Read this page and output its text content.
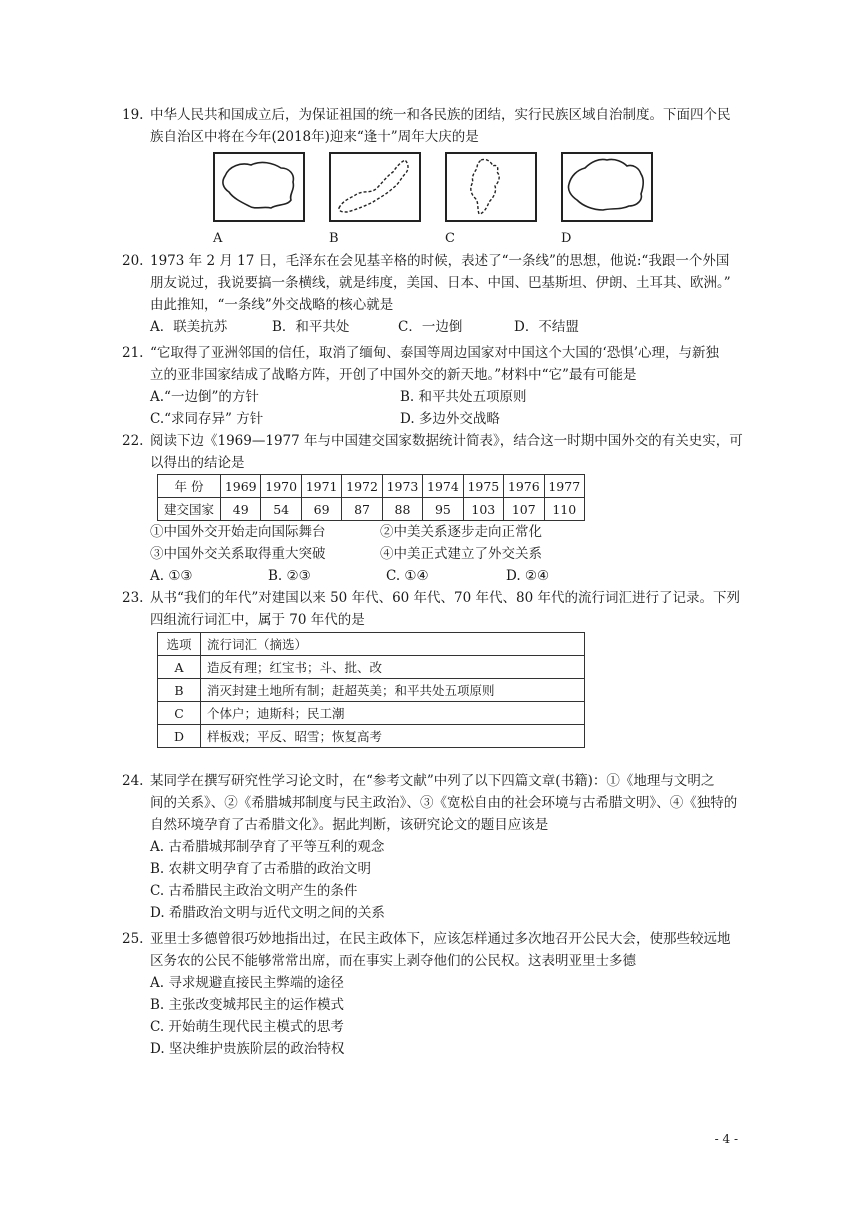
19. 中华人民共和国成立后，为保证祖国的统一和各民族的团结，实行民族区域自治制度。下面四个民
族自治区中将在今年(2018年)迎来“逢十”周年大庆的是
A	B	C	D
20. 1973 年 2 月 17 日，毛泽东在会见基辛格的时候，表述了“一条线”的思想，他说:“我跟一个外国
朋友说过，我说要搞一条横线，就是纬度，美国、日本、中国、巴基斯坦、伊朗、土耳其、欧洲。”
由此推知，“一条线”外交战略的核心就是
A．联美抗苏	B．和平共处	C．一边倒	D．不结盟
21. “它取得了亚洲邻国的信任，取消了缅甸、泰国等周边国家对中国这个大国的‘恐惧’心理，与新独
立的亚非国家结成了战略方阵，开创了中国外交的新天地。”材料中“它”最有可能是
A.“一边倒”的方针	B. 和平共处五项原则
C.“求同存异” 方针	D. 多边外交战略
22. 阅读下边《1969—1977 年与中国建交国家数据统计简表》，结合这一时期中国外交的有关史实，可
以得出的结论是
年 份	1969	1970	1971	1972	1973	1974	1975	1976	1977
建交国家	49	54	69	87	88	95	103	107	110
①中国外交开始走向国际舞台	②中美关系逐步走向正常化
③中国外交关系取得重大突破	④中美正式建立了外交关系
A. ①③	B. ②③	C. ①④	D. ②④
23. 从书“我们的年代”对建国以来 50 年代、60 年代、70 年代、80 年代的流行词汇进行了记录。下列
四组流行词汇中，属于 70 年代的是
选项	流行词汇（摘选）
A	造反有理；红宝书；斗、批、改
B	消灭封建土地所有制；赶超英美；和平共处五项原则
C	个体户；迪斯科；民工潮
D	样板戏；平反、昭雪；恢复高考
24. 某同学在撰写研究性学习论文时，在“参考文献”中列了以下四篇文章(书籍)：①《地理与文明之
间的关系》、②《希腊城邦制度与民主政治》、③《宽松自由的社会环境与古希腊文明》、④《独特的
自然环境孕育了古希腊文化》。据此判断，该研究论文的题目应该是
A. 古希腊城邦制孕育了平等互利的观念
B. 农耕文明孕育了古希腊的政治文明
C. 古希腊民主政治文明产生的条件
D. 希腊政治文明与近代文明之间的关系
25. 亚里士多德曾很巧妙地指出过，在民主政体下，应该怎样通过多次地召开公民大会，使那些较远地
区务农的公民不能够常常出席，而在事实上剥夺他们的公民权。这表明亚里士多德
A. 寻求规避直接民主弊端的途径
B. 主张改变城邦民主的运作模式
C. 开始萌生现代民主模式的思考
D. 坚决维护贵族阶层的政治特权
- 4 -
